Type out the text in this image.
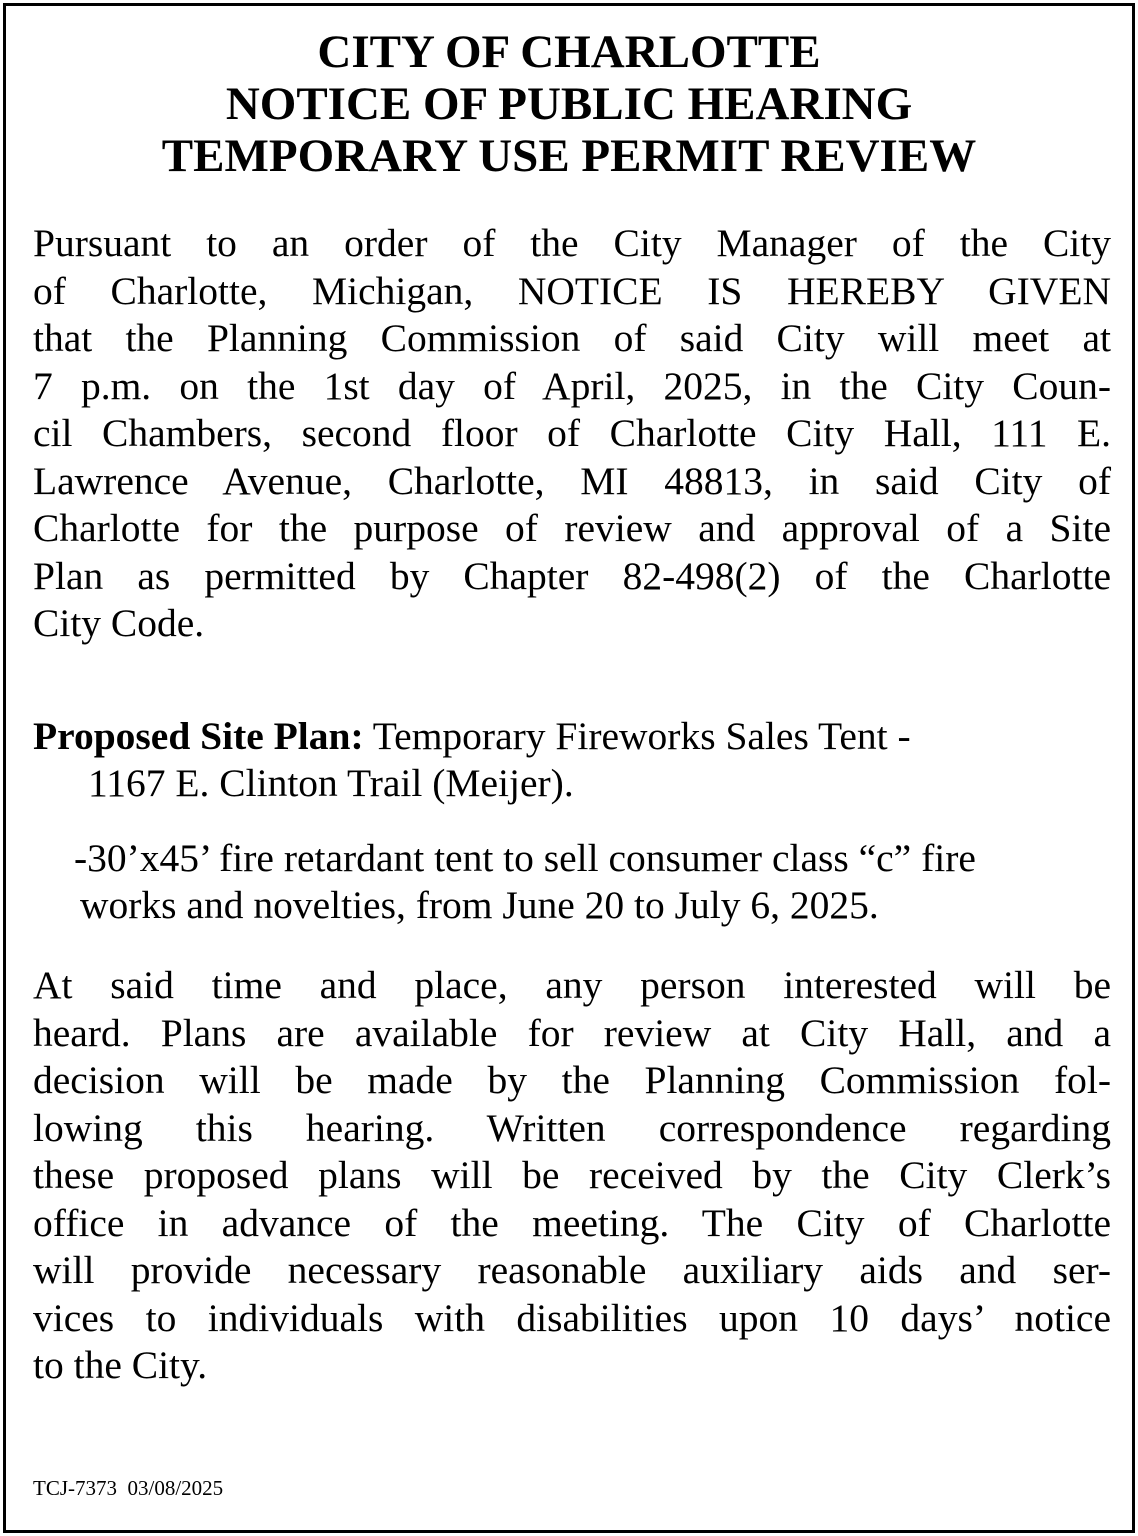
CITY OF CHARLOTTE
NOTICE OF PUBLIC HEARING
TEMPORARY USE PERMIT REVIEW
Pursuant to an order of the City Manager of the City
of Charlotte, Michigan, NOTICE IS HEREBY GIVEN
that the Planning Commission of said City will meet at
7 p.m. on the 1st day of April, 2025, in the City Coun-
cil Chambers, second floor of Charlotte City Hall, 111 E.
Lawrence Avenue, Charlotte, MI 48813, in said City of
Charlotte for the purpose of review and approval of a Site
Plan as permitted by Chapter 82-498(2) of the Charlotte
City Code.
Proposed Site Plan: Temporary Fireworks Sales Tent -
1167 E. Clinton Trail (Meijer).
-30’x45’ fire retardant tent to sell consumer class “c” fire
works and novelties, from June 20 to July 6, 2025.
At said time and place, any person interested will be
heard. Plans are available for review at City Hall, and a
decision will be made by the Planning Commission fol-
lowing this hearing. Written correspondence regarding
these proposed plans will be received by the City Clerk’s
office in advance of the meeting. The City of Charlotte
will provide necessary reasonable auxiliary aids and ser-
vices to individuals with disabilities upon 10 days’ notice
to the City.
TCJ-7373  03/08/2025
